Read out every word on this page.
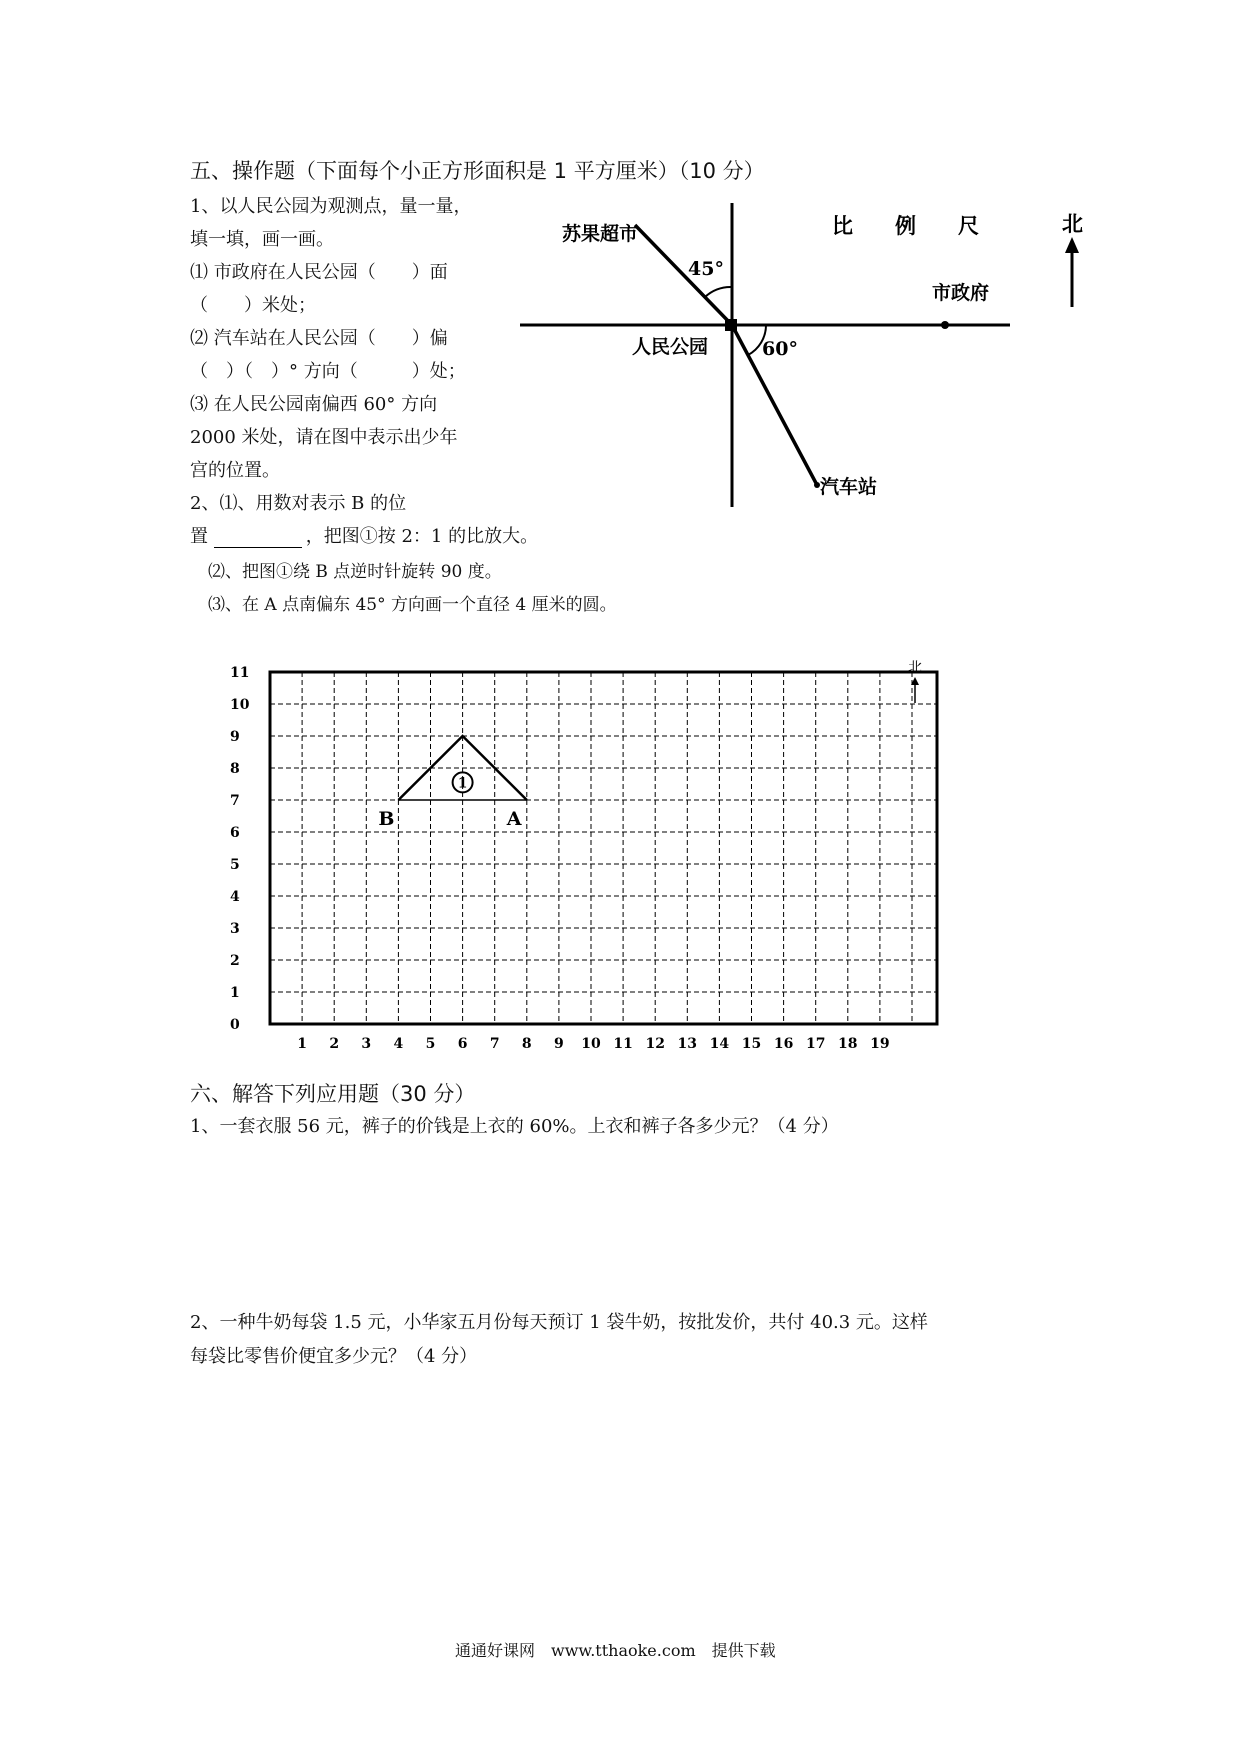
五、操作题（下面每个小正方形面积是 1 平方厘米）（10 分）
1、以人民公园为观测点，量一量，
填一填，画一画。
⑴ 市政府在人民公园（　　）面
（　　）米处；
⑵ 汽车站在人民公园（　　）偏
（　）（　）° 方向（　　　）处；
⑶ 在人民公园南偏西 60° 方向
2000 米处，请在图中表示出少年
宫的位置。
苏果超市
45°
市政府
人民公园	60°
汽车站
比　　例　　尺	北
2、⑴、用数对表示 B 的位
置	，把图①按 2：1 的比放大。
⑵、把图①绕 B 点逆时针旋转 90 度。
⑶、在 A 点南偏东 45° 方向画一个直径 4 厘米的圆。
1 2 3 4 5 6 7 8 9 10 11 12 13 14 15 16 17 18 19
0
1
2
3
4
5
6
7
8
9
10
11
1
B	A
北
六、解答下列应用题（30 分）
1、一套衣服 56 元，裤子的价钱是上衣的 60%。上衣和裤子各多少元？（4 分）
2、一种牛奶每袋 1.5 元，小华家五月份每天预订 1 袋牛奶，按批发价，共付 40.3 元。这样
每袋比零售价便宜多少元？（4 分）
通通好课网　www.tthaoke.com　提供下载
